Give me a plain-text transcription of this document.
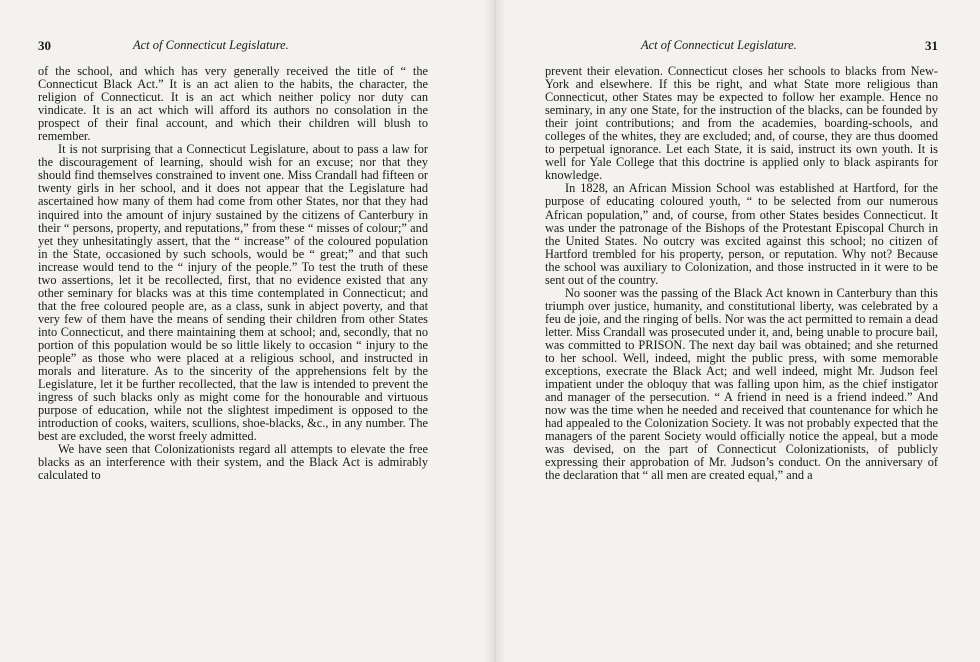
30	Act of Connecticut Legislature.

of the school, and which has very generally received the title of “ the Connecticut Black Act.” It is an act alien to the habits, the character, the religion of Connecticut. It is an act which neither policy nor duty can vindicate. It is an act which will afford its authors no consolation in the prospect of their final account, and which their children will blush to remember.

It is not surprising that a Connecticut Legislature, about to pass a law for the discouragement of learning, should wish for an excuse; nor that they should find themselves constrained to invent one. Miss Crandall had fifteen or twenty girls in her school, and it does not appear that the Legislature had ascertained how many of them had come from other States, nor that they had inquired into the amount of injury sustained by the citizens of Canterbury in their “ persons, property, and reputations,” from these “ misses of colour;” and yet they unhesitatingly assert, that the “ increase” of the coloured population in the State, occasioned by such schools, would be “ great;” and that such increase would tend to the “ injury of the people.” To test the truth of these two assertions, let it be recollected, first, that no evidence existed that any other seminary for blacks was at this time contemplated in Connecticut; and that the free coloured people are, as a class, sunk in abject poverty, and that very few of them have the means of sending their children from other States into Connecticut, and there maintaining them at school; and, secondly, that no portion of this population would be so little likely to occasion “ injury to the people” as those who were placed at a religious school, and instructed in morals and literature. As to the sincerity of the apprehensions felt by the Legislature, let it be further recollected, that the law is intended to prevent the ingress of such blacks only as might come for the honourable and virtuous purpose of education, while not the slightest impediment is opposed to the introduction of cooks, waiters, scullions, shoe-blacks, &c., in any number. The best are excluded, the worst freely admitted.

We have seen that Colonizationists regard all attempts to elevate the free blacks as an interference with their system, and the Black Act is admirably calculated to

Act of Connecticut Legislature.	31

prevent their elevation. Connecticut closes her schools to blacks from New-York and elsewhere. If this be right, and what State more religious than Connecticut, other States may be expected to follow her example. Hence no seminary, in any one State, for the instruction of the blacks, can be founded by their joint contributions; and from the academies, boarding-schools, and colleges of the whites, they are excluded; and, of course, they are thus doomed to perpetual ignorance. Let each State, it is said, instruct its own youth. It is well for Yale College that this doctrine is applied only to black aspirants for knowledge.

In 1828, an African Mission School was established at Hartford, for the purpose of educating coloured youth, “ to be selected from our numerous African population,” and, of course, from other States besides Connecticut. It was under the patronage of the Bishops of the Protestant Episcopal Church in the United States. No outcry was excited against this school; no citizen of Hartford trembled for his property, person, or reputation. Why not? Because the school was auxiliary to Colonization, and those instructed in it were to be sent out of the country.

No sooner was the passing of the Black Act known in Canterbury than this triumph over justice, humanity, and constitutional liberty, was celebrated by a feu de joie, and the ringing of bells. Nor was the act permitted to remain a dead letter. Miss Crandall was prosecuted under it, and, being unable to procure bail, was committed to PRISON. The next day bail was obtained; and she returned to her school. Well, indeed, might the public press, with some memorable exceptions, execrate the Black Act; and well indeed, might Mr. Judson feel impatient under the obloquy that was falling upon him, as the chief instigator and manager of the persecution. “ A friend in need is a friend indeed.” And now was the time when he needed and received that countenance for which he had appealed to the Colonization Society. It was not probably expected that the managers of the parent Society would officially notice the appeal, but a mode was devised, on the part of Connecticut Colonizationists, of publicly expressing their approbation of Mr. Judson’s conduct. On the anniversary of the declaration that “ all men are created equal,” and a
